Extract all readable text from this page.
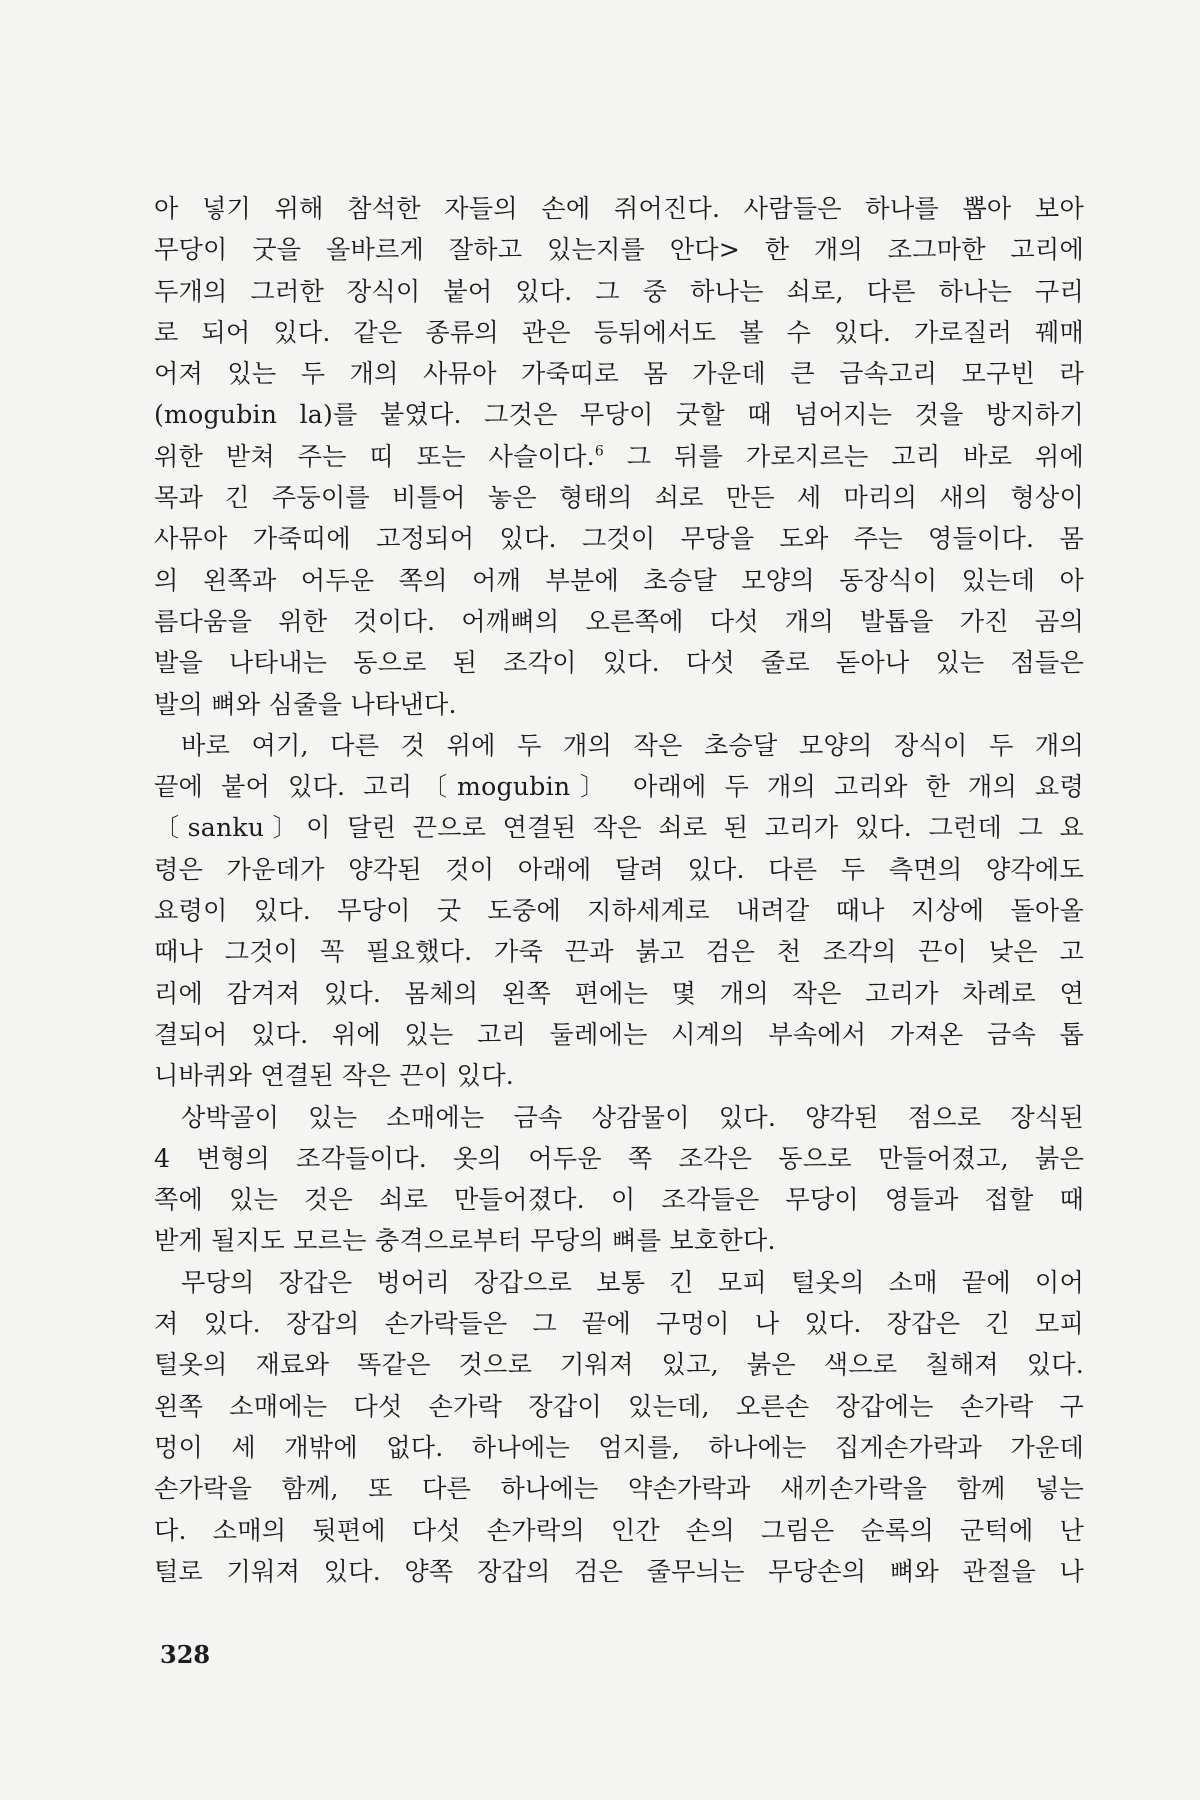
아 넣기 위해 참석한 자들의 손에 쥐어진다. 사람들은 하나를 뽑아 보아
무당이 굿을 올바르게 잘하고 있는지를 안다> 한 개의 조그마한 고리에
두개의 그러한 장식이 붙어 있다. 그 중 하나는 쇠로, 다른 하나는 구리
로 되어 있다. 같은 종류의 관은 등뒤에서도 볼 수 있다. 가로질러 꿰매
어져 있는 두 개의 사뮤아 가죽띠로 몸 가운데 큰 금속고리 모구빈 라
(mogubin la)를 붙였다. 그것은 무당이 굿할 때 넘어지는 것을 방지하기
위한 받쳐 주는 띠 또는 사슬이다.$^6$ 그 뒤를 가로지르는 고리 바로 위에
목과 긴 주둥이를 비틀어 놓은 형태의 쇠로 만든 세 마리의 새의 형상이
사뮤아 가죽띠에 고정되어 있다. 그것이 무당을 도와 주는 영들이다. 몸
의 왼쪽과 어두운 쪽의 어깨 부분에 초승달 모양의 동장식이 있는데 아
름다움을 위한 것이다. 어깨뼈의 오른쪽에 다섯 개의 발톱을 가진 곰의
발을 나타내는 동으로 된 조각이 있다. 다섯 줄로 돋아나 있는 점들은
발의 뼈와 심줄을 나타낸다.
바로 여기, 다른 것 위에 두 개의 작은 초승달 모양의 장식이 두 개의
끝에 붙어 있다. 고리〔mogubin〕 아래에 두 개의 고리와 한 개의 요령
〔sanku〕이 달린 끈으로 연결된 작은 쇠로 된 고리가 있다. 그런데 그 요
령은 가운데가 양각된 것이 아래에 달려 있다. 다른 두 측면의 양각에도
요령이 있다. 무당이 굿 도중에 지하세계로 내려갈 때나 지상에 돌아올
때나 그것이 꼭 필요했다. 가죽 끈과 붉고 검은 천 조각의 끈이 낮은 고
리에 감겨져 있다. 몸체의 왼쪽 편에는 몇 개의 작은 고리가 차례로 연
결되어 있다. 위에 있는 고리 둘레에는 시계의 부속에서 가져온 금속 톱
니바퀴와 연결된 작은 끈이 있다.
상박골이 있는 소매에는 금속 상감물이 있다. 양각된 점으로 장식된
4 변형의 조각들이다. 옷의 어두운 쪽 조각은 동으로 만들어졌고, 붉은
쪽에 있는 것은 쇠로 만들어졌다. 이 조각들은 무당이 영들과 접할 때
받게 될지도 모르는 충격으로부터 무당의 뼈를 보호한다.
무당의 장갑은 벙어리 장갑으로 보통 긴 모피 털옷의 소매 끝에 이어
져 있다. 장갑의 손가락들은 그 끝에 구멍이 나 있다. 장갑은 긴 모피
털옷의 재료와 똑같은 것으로 기워져 있고, 붉은 색으로 칠해져 있다.
왼쪽 소매에는 다섯 손가락 장갑이 있는데, 오른손 장갑에는 손가락 구
멍이 세 개밖에 없다. 하나에는 엄지를, 하나에는 집게손가락과 가운데
손가락을 함께, 또 다른 하나에는 약손가락과 새끼손가락을 함께 넣는
다. 소매의 뒷편에 다섯 손가락의 인간 손의 그림은 순록의 군턱에 난
털로 기워져 있다. 양쪽 장갑의 검은 줄무늬는 무당손의 뼈와 관절을 나
328
